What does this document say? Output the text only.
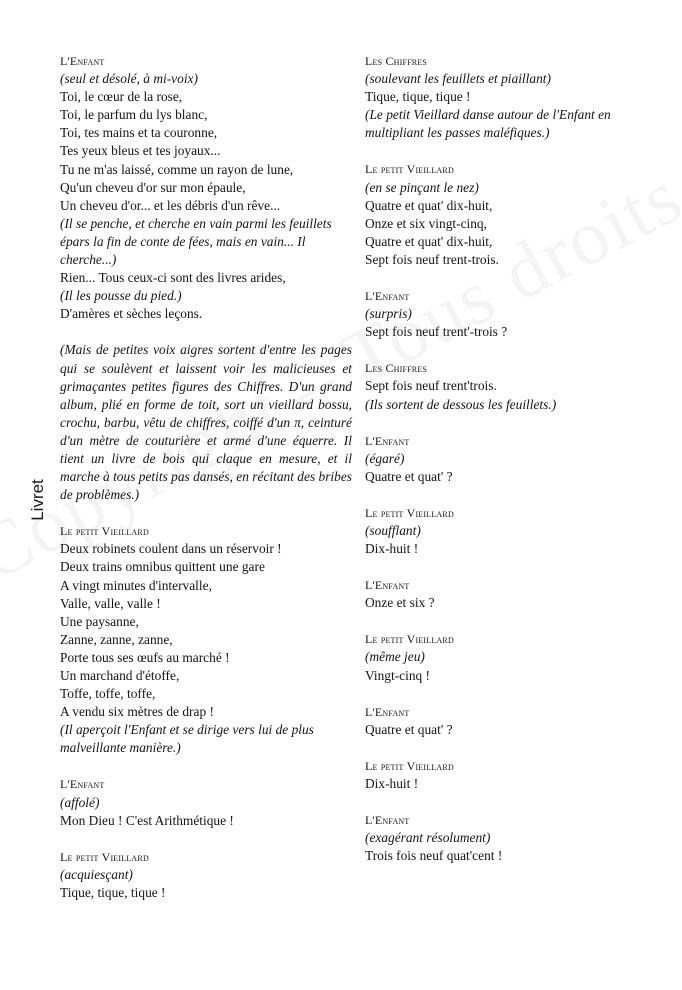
Livret
L'Enfant
(seul et désolé, à mi-voix)
Toi, le cœur de la rose,
Toi, le parfum du lys blanc,
Toi, tes mains et ta couronne,
Tes yeux bleus et tes joyaux...
Tu ne m'as laissé, comme un rayon de lune,
Qu'un cheveu d'or sur mon épaule,
Un cheveu d'or... et les débris d'un rêve...
(Il se penche, et cherche en vain parmi les feuillets épars la fin de conte de fées, mais en vain... Il cherche...)
Rien... Tous ceux-ci sont des livres arides,
(Il les pousse du pied.)
D'amères et sèches leçons.
(Mais de petites voix aigres sortent d'entre les pages qui se soulèvent et laissent voir les malicieuses et grimaçantes petites figures des Chiffres. D'un grand album, plié en forme de toit, sort un vieillard bossu, crochu, barbu, vêtu de chiffres, coiffé d'un π, ceinturé d'un mètre de couturière et armé d'une équerre. Il tient un livre de bois qui claque en mesure, et il marche à tous petits pas dansés, en récitant des bribes de problèmes.)
Le petit Vieillard
Deux robinets coulent dans un réservoir !
Deux trains omnibus quittent une gare
A vingt minutes d'intervalle,
Valle, valle, valle !
Une paysanne,
Zanne, zanne, zanne,
Porte tous ses œufs au marché !
Un marchand d'étoffe,
Toffe, toffe, toffe,
A vendu six mètres de drap !
(Il aperçoit l'Enfant et se dirige vers lui de plus malveillante manière.)
L'Enfant
(affolé)
Mon Dieu ! C'est Arithmétique !
Le petit Vieillard
(acquiesçant)
Tique, tique, tique !
Les Chiffres
(soulevant les feuillets et piaillant)
Tique, tique, tique !
(Le petit Vieillard danse autour de l'Enfant en multipliant les passes maléfiques.)
Le petit Vieillard
(en se pinçant le nez)
Quatre et quat' dix-huit,
Onze et six vingt-cinq,
Quatre et quat' dix-huit,
Sept fois neuf trent-trois.
L'Enfant
(surpris)
Sept fois neuf trent'-trois ?
Les Chiffres
Sept fois neuf trent'trois.
(Ils sortent de dessous les feuillets.)
L'Enfant
(égaré)
Quatre et quat' ?
Le petit Vieillard
(soufflant)
Dix-huit !
L'Enfant
Onze et six ?
Le petit Vieillard
(même jeu)
Vingt-cinq !
L'Enfant
Quatre et quat' ?
Le petit Vieillard
Dix-huit !
L'Enfant
(exagérant résolument)
Trois fois neuf quat'cent !
